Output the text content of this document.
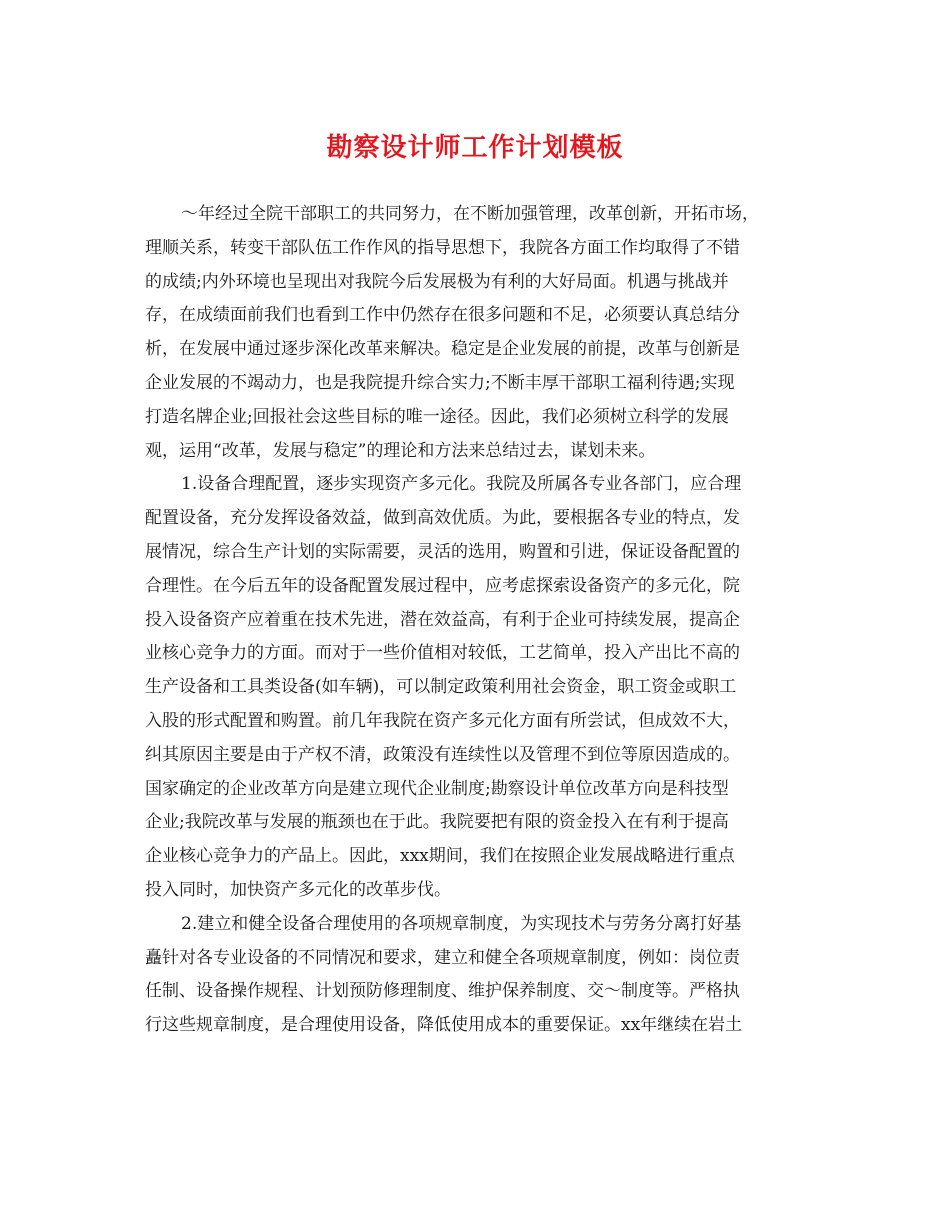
勘察设计师工作计划模板
～年经过全院干部职工的共同努力，在不断加强管理，改革创新，开拓市场，
理顺关系，转变干部队伍工作作风的指导思想下，我院各方面工作均取得了不错
的成绩;内外环境也呈现出对我院今后发展极为有利的大好局面。机遇与挑战并
存，在成绩面前我们也看到工作中仍然存在很多问题和不足，必须要认真总结分
析，在发展中通过逐步深化改革来解决。稳定是企业发展的前提，改革与创新是
企业发展的不竭动力，也是我院提升综合实力;不断丰厚干部职工福利待遇;实现
打造名牌企业;回报社会这些目标的唯一途径。因此，我们必须树立科学的发展
观，运用“改革，发展与稳定”的理论和方法来总结过去，谋划未来。
1.设备合理配置，逐步实现资产多元化。我院及所属各专业各部门，应合理
配置设备，充分发挥设备效益，做到高效优质。为此，要根据各专业的特点，发
展情况，综合生产计划的实际需要，灵活的选用，购置和引进，保证设备配置的
合理性。在今后五年的设备配置发展过程中，应考虑探索设备资产的多元化，院
投入设备资产应着重在技术先进，潜在效益高，有利于企业可持续发展，提高企
业核心竞争力的方面。而对于一些价值相对较低，工艺简单，投入产出比不高的
生产设备和工具类设备(如车辆)，可以制定政策利用社会资金，职工资金或职工
入股的形式配置和购置。前几年我院在资产多元化方面有所尝试，但成效不大，
纠其原因主要是由于产权不清，政策没有连续性以及管理不到位等原因造成的。
国家确定的企业改革方向是建立现代企业制度;勘察设计单位改革方向是科技型
企业;我院改革与发展的瓶颈也在于此。我院要把有限的资金投入在有利于提高
企业核心竞争力的产品上。因此，xxx期间，我们在按照企业发展战略进行重点
投入同时，加快资产多元化的改革步伐。
2.建立和健全设备合理使用的各项规章制度，为实现技术与劳务分离打好基
矗针对各专业设备的不同情况和要求，建立和健全各项规章制度，例如：岗位责
任制、设备操作规程、计划预防修理制度、维护保养制度、交～制度等。严格执
行这些规章制度，是合理使用设备，降低使用成本的重要保证。xx年继续在岩土
